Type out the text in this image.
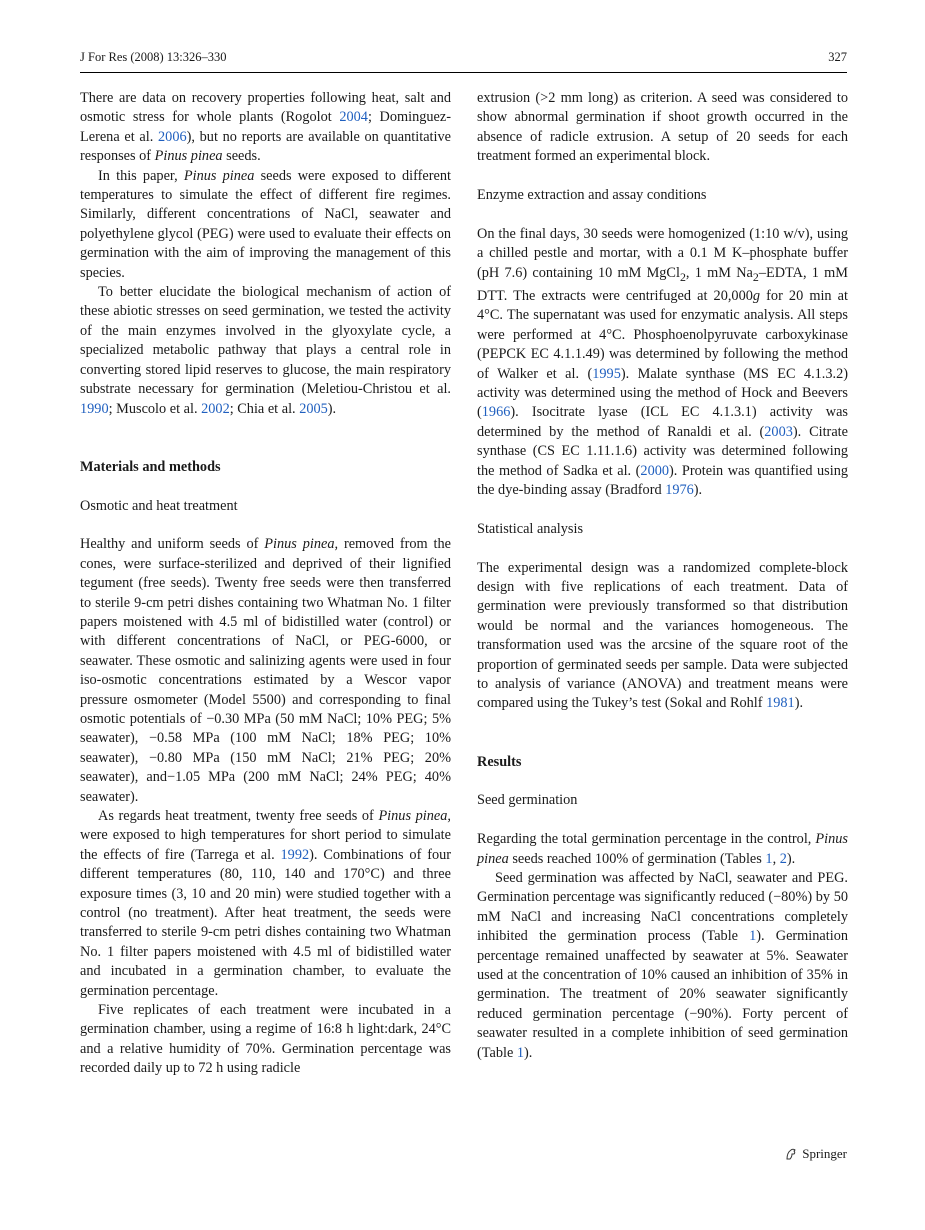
J For Res (2008) 13:326–330	327

There are data on recovery properties following heat, salt and osmotic stress for whole plants (Rogolot 2004; Dominguez-Lerena et al. 2006), but no reports are available on quantitative responses of Pinus pinea seeds.

In this paper, Pinus pinea seeds were exposed to different temperatures to simulate the effect of different fire regimes. Similarly, different concentrations of NaCl, seawater and polyethylene glycol (PEG) were used to evaluate their effects on germination with the aim of improving the management of this species.

To better elucidate the biological mechanism of action of these abiotic stresses on seed germination, we tested the activity of the main enzymes involved in the glyoxylate cycle, a specialized metabolic pathway that plays a central role in converting stored lipid reserves to glucose, the main respiratory substrate necessary for germination (Meletiou-Christou et al. 1990; Muscolo et al. 2002; Chia et al. 2005).

Materials and methods
Osmotic and heat treatment

Healthy and uniform seeds of Pinus pinea, removed from the cones, were surface-sterilized and deprived of their lignified tegument (free seeds). Twenty free seeds were then transferred to sterile 9-cm petri dishes containing two Whatman No. 1 filter papers moistened with 4.5 ml of bidistilled water (control) or with different concentrations of NaCl, or PEG-6000, or seawater. These osmotic and salinizing agents were used in four iso-osmotic concentrations estimated by a Wescor vapor pressure osmometer (Model 5500) and corresponding to final osmotic potentials of −0.30 MPa (50 mM NaCl; 10% PEG; 5% seawater), −0.58 MPa (100 mM NaCl; 18% PEG; 10% seawater), −0.80 MPa (150 mM NaCl; 21% PEG; 20% seawater), and−1.05 MPa (200 mM NaCl; 24% PEG; 40% seawater).

As regards heat treatment, twenty free seeds of Pinus pinea, were exposed to high temperatures for short period to simulate the effects of fire (Tarrega et al. 1992). Combinations of four different temperatures (80, 110, 140 and 170°C) and three exposure times (3, 10 and 20 min) were studied together with a control (no treatment). After heat treatment, the seeds were transferred to sterile 9-cm petri dishes containing two Whatman No. 1 filter papers moistened with 4.5 ml of bidistilled water and incubated in a germination chamber, to evaluate the germination percentage.

Five replicates of each treatment were incubated in a germination chamber, using a regime of 16:8 h light:dark, 24°C and a relative humidity of 70%. Germination percentage was recorded daily up to 72 h using radicle

extrusion (>2 mm long) as criterion. A seed was considered to show abnormal germination if shoot growth occurred in the absence of radicle extrusion. A setup of 20 seeds for each treatment formed an experimental block.

Enzyme extraction and assay conditions

On the final days, 30 seeds were homogenized (1:10 w/v), using a chilled pestle and mortar, with a 0.1 M K–phosphate buffer (pH 7.6) containing 10 mM MgCl$_2$, 1 mM $Na_2$–EDTA, 1 mM DTT. The extracts were centrifuged at 20,000g for 20 min at 4°C. The supernatant was used for enzymatic analysis. All steps were performed at 4°C. Phosphoenolpyruvate carboxykinase (PEPCK EC 4.1.1.49) was determined by following the method of Walker et al. (1995). Malate synthase (MS EC 4.1.3.2) activity was determined using the method of Hock and Beevers (1966). Isocitrate lyase (ICL EC 4.1.3.1) activity was determined by the method of Ranaldi et al. (2003). Citrate synthase (CS EC 1.11.1.6) activity was determined following the method of Sadka et al. (2000). Protein was quantified using the dye-binding assay (Bradford 1976).

Statistical analysis

The experimental design was a randomized complete-block design with five replications of each treatment. Data of germination were previously transformed so that distribution would be normal and the variances homogeneous. The transformation used was the arcsine of the square root of the proportion of germinated seeds per sample. Data were subjected to analysis of variance (ANOVA) and treatment means were compared using the Tukey’s test (Sokal and Rohlf 1981).

Results
Seed germination

Regarding the total germination percentage in the control, Pinus pinea seeds reached 100% of germination (Tables 1, 2).

Seed germination was affected by NaCl, seawater and PEG. Germination percentage was significantly reduced (−80%) by 50 mM NaCl and increasing NaCl concentrations completely inhibited the germination process (Table 1). Germination percentage remained unaffected by seawater at 5%. Seawater used at the concentration of 10% caused an inhibition of 35% in germination. The treatment of 20% seawater significantly reduced germination percentage (−90%). Forty percent of seawater resulted in a complete inhibition of seed germination (Table 1).

Springer
